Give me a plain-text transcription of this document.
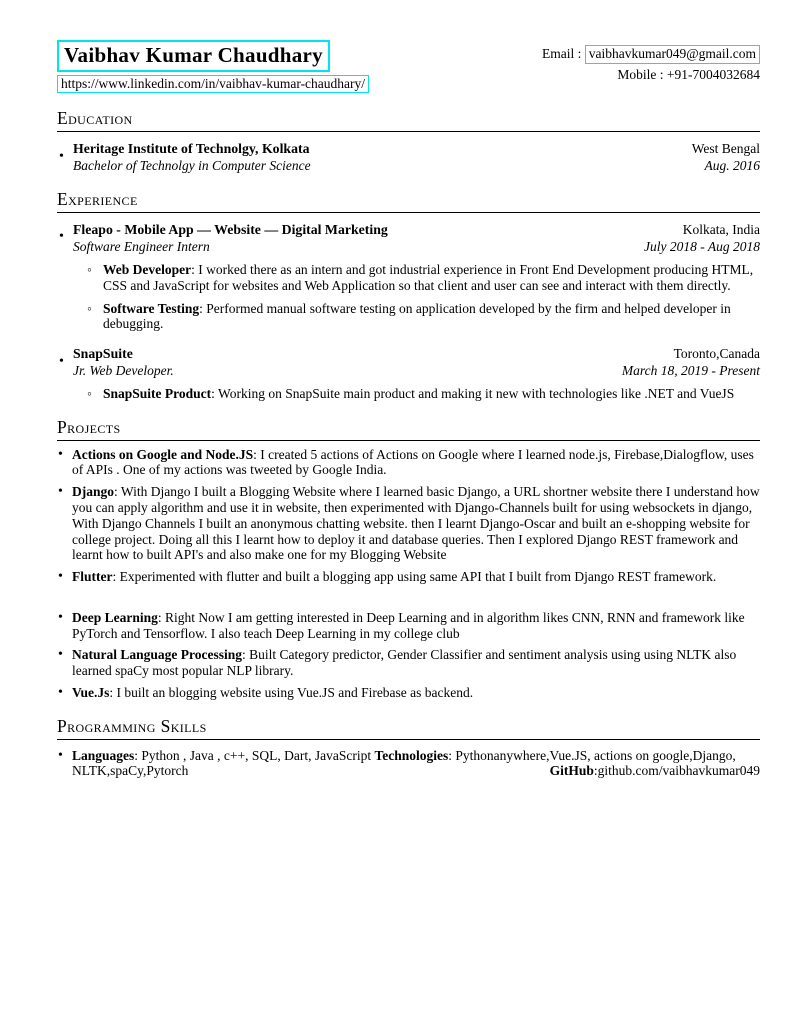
Vaibhav Kumar Chaudhary
https://www.linkedin.com/in/vaibhav-kumar-chaudhary/
Email : vaibhavkumar049@gmail.com
Mobile : +91-7004032684
Education
• Heritage Institute of Technolgy, Kolkata	West Bengal
Bachelor of Technolgy in Computer Science	Aug. 2016
Experience
• Fleapo - Mobile App — Website — Digital Marketing	Kolkata, India
Software Engineer Intern	July 2018 - Aug 2018
◦ Web Developer: I worked there as an intern and got industrial experience in Front End Development producing HTML, CSS and JavaScript for websites and Web Application so that client and user can see and interact with them directly.
◦ Software Testing: Performed manual software testing on application developed by the firm and helped developer in debugging.
• SnapSuite	Toronto,Canada
Jr. Web Developer.	March 18, 2019 - Present
◦ SnapSuite Product: Working on SnapSuite main product and making it new with technologies like .NET and VueJS
Projects
• Actions on Google and Node.JS: I created 5 actions of Actions on Google where I learned node.js, Firebase,Dialogflow, uses of APIs . One of my actions was tweeted by Google India.
• Django: With Django I built a Blogging Website where I learned basic Django, a URL shortner website there I understand how you can apply algorithm and use it in website, then experimented with Django-Channels built for using websockets in django, With Django Channels I built an anonymous chatting website. then I learnt Django-Oscar and built an e-shopping website for college project. Doing all this I learnt how to deploy it and database queries. Then I explored Django REST framework and learnt how to built API's and also make one for my Blogging Website
• Flutter: Experimented with flutter and built a blogging app using same API that I built from Django REST framework.
• Deep Learning: Right Now I am getting interested in Deep Learning and in algorithm likes CNN, RNN and framework like PyTorch and Tensorflow. I also teach Deep Learning in my college club
• Natural Language Processing: Built Category predictor, Gender Classifier and sentiment analysis using using NLTK also learned spaCy most popular NLP library.
• Vue.Js: I built an blogging website using Vue.JS and Firebase as backend.
Programming Skills
• Languages: Python , Java , c++, SQL, Dart, JavaScript Technologies: Pythonanywhere,Vue.JS, actions on google,Django, NLTK,spaCy,Pytorch	GitHub:github.com/vaibhavkumar049
